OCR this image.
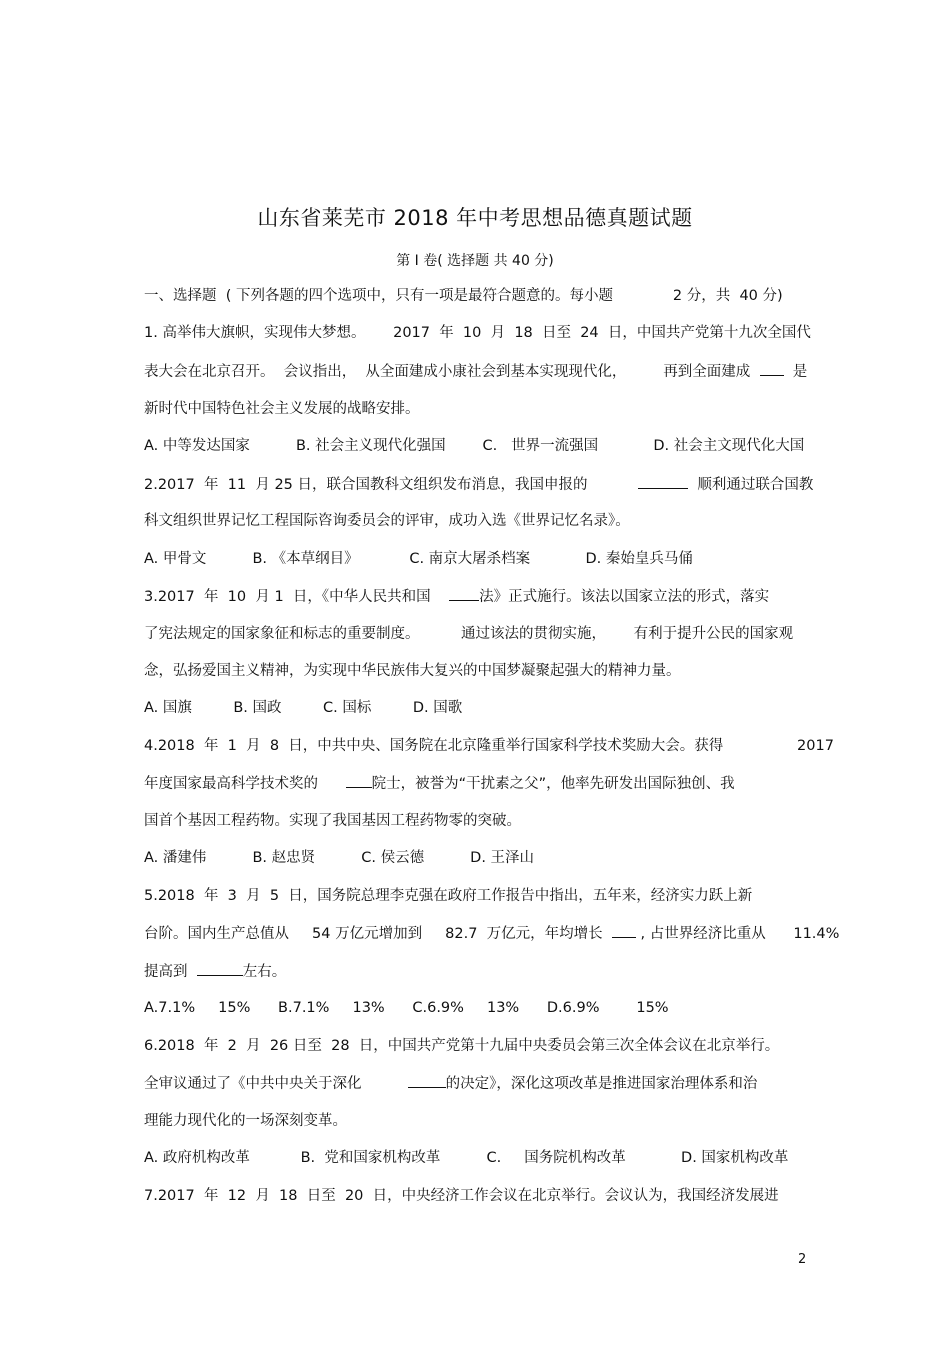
山东省莱芜市 2018 年中考思想品德真题试题
第 I 卷( 选择题 共 40 分)
一、选择题  ( 下列各题的四个选项中，只有一项是最符合题意的。每小题             2 分，共  40 分)
1. 高举伟大旗帜，实现伟大梦想。      2017  年  10  月  18  日至  24  日，中国共产党第十九次全国代
表大会在北京召开。  会议指出，  从全面建成小康社会到基本实现现代化，        再到全面建成    是
新时代中国特色社会主义发展的战略安排。
A. 中等发达国家          B. 社会主义现代化强国        C.   世界一流强国            D. 社会主文现代化大国
2.2017  年  11  月 25 日，联合国教科文组织发布消息，我国申报的	顺利通过联合国教
科文组织世界记忆工程国际咨询委员会的评审，成功入选《世界记忆名录》。
A. 甲骨文          B. 《本草纲目》           C. 南京大屠杀档案            D. 秦始皇兵马俑
3.2017  年  10  月 1  日，《中华人民共和国    法》正式施行。该法以国家立法的形式，落实
了宪法规定的国家象征和标志的重要制度。         通过该法的贯彻实施，      有利于提升公民的国家观
念，弘扬爱国主义精神，为实现中华民族伟大复兴的中国梦凝聚起强大的精神力量。
A. 国旗         B. 国政         C. 国标         D. 国歌
4.2018  年  1  月  8  日，中共中央、国务院在北京隆重举行国家科学技术奖励大会。获得                2017
年度国家最高科学技术奖的      院士，被誉为“干扰素之父”，他率先研发出国际独创、我
国首个基因工程药物。实现了我国基因工程药物零的突破。
A. 潘建伟          B. 赵忠贤          C. 侯云德          D. 王泽山
5.2018  年  3  月  5  日，国务院总理李克强在政府工作报告中指出，五年来，经济实力跃上新
台阶。国内生产总值从     54 万亿元增加到     82.7  万亿元，年均增长   , 占世界经济比重从      11.4%
提高到	左右。
A.7.1%     15%      B.7.1%     13%      C.6.9%     13%      D.6.9%        15%
6.2018  年  2  月  26 日至  28  日，中国共产党第十九届中央委员会第三次全体会议在北京举行。
全审议通过了《中共中央关于深化	的决定》，深化这项改革是推进国家治理体系和治
理能力现代化的一场深刻变革。
A. 政府机构改革           B.  党和国家机构改革          C.     国务院机构改革            D. 国家机构改革
7.2017  年  12  月  18  日至  20  日，中央经济工作会议在北京举行。会议认为，我国经济发展进
2
